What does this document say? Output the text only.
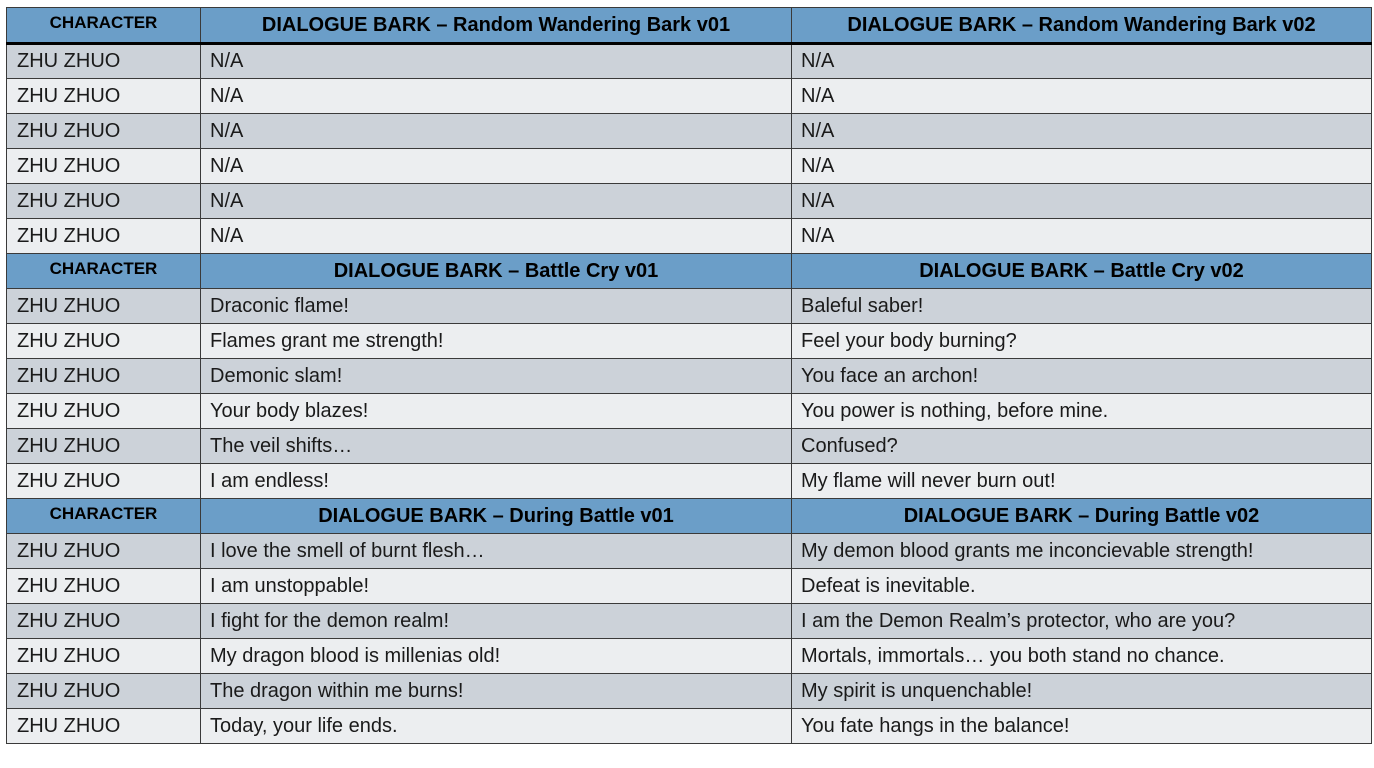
CHARACTER	DIALOGUE BARK – Random Wandering Bark v01	DIALOGUE BARK – Random Wandering Bark v02
ZHU ZHUO	N/A	N/A
ZHU ZHUO	N/A	N/A
ZHU ZHUO	N/A	N/A
ZHU ZHUO	N/A	N/A
ZHU ZHUO	N/A	N/A
ZHU ZHUO	N/A	N/A
CHARACTER	DIALOGUE BARK – Battle Cry v01	DIALOGUE BARK – Battle Cry v02
ZHU ZHUO	Draconic flame!	Baleful saber!
ZHU ZHUO	Flames grant me strength!	Feel your body burning?
ZHU ZHUO	Demonic slam!	You face an archon!
ZHU ZHUO	Your body blazes!	You power is nothing, before mine.
ZHU ZHUO	The veil shifts…	Confused?
ZHU ZHUO	I am endless!	My flame will never burn out!
CHARACTER	DIALOGUE BARK – During Battle v01	DIALOGUE BARK – During Battle v02
ZHU ZHUO	I love the smell of burnt flesh…	My demon blood grants me inconcievable strength!
ZHU ZHUO	I am unstoppable!	Defeat is inevitable.
ZHU ZHUO	I fight for the demon realm!	I am the Demon Realm’s protector, who are you?
ZHU ZHUO	My dragon blood is millenias old!	Mortals, immortals… you both stand no chance.
ZHU ZHUO	The dragon within me burns!	My spirit is unquenchable!
ZHU ZHUO	Today, your life ends.	You fate hangs in the balance!
